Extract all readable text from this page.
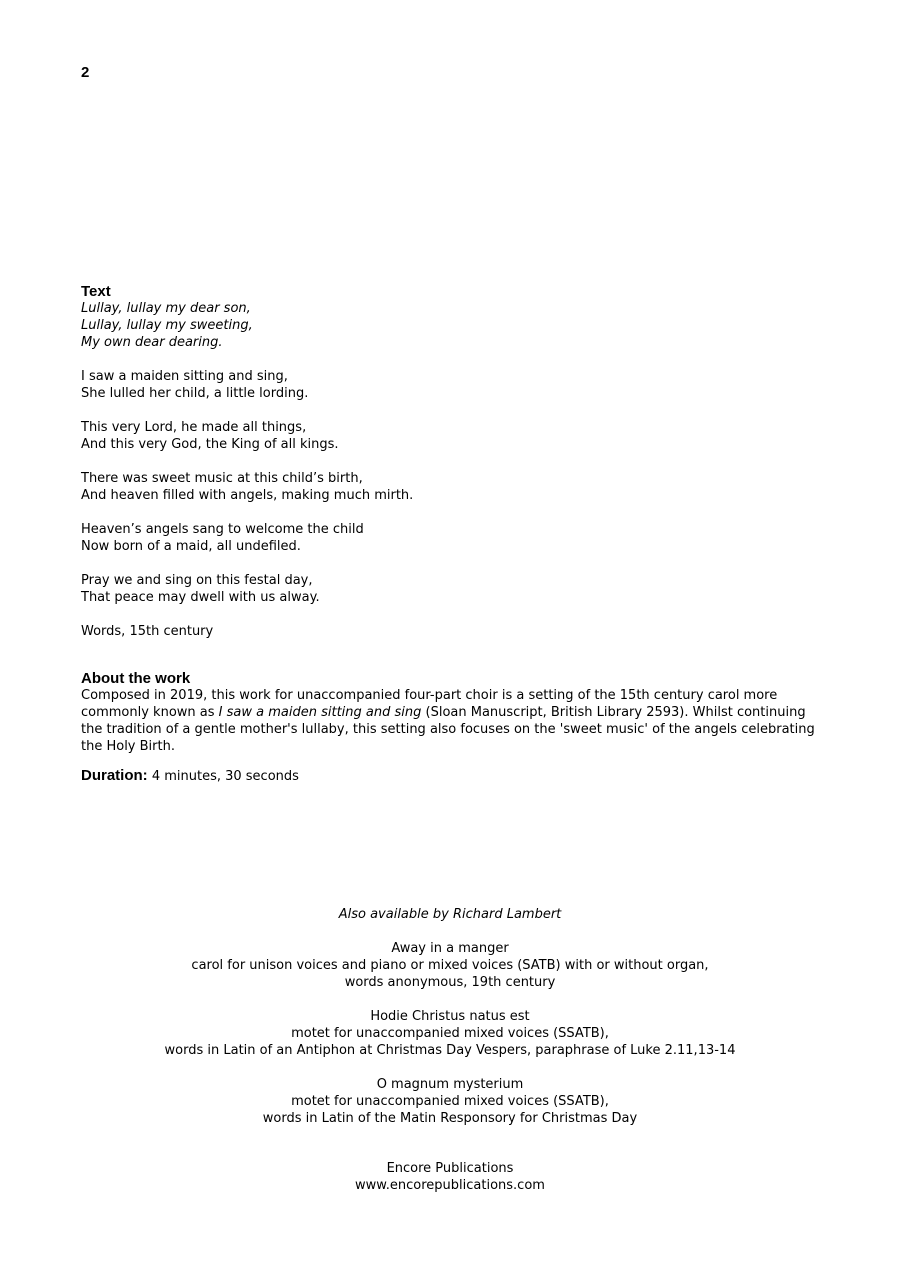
2
Text
Lullay, lullay my dear son,
Lullay, lullay my sweeting,
My own dear dearing.
I saw a maiden sitting and sing,
She lulled her child, a little lording.
This very Lord, he made all things,
And this very God, the King of all kings.
There was sweet music at this child’s birth,
And heaven filled with angels, making much mirth.
Heaven’s angels sang to welcome the child
Now born of a maid, all undefiled.
Pray we and sing on this festal day,
That peace may dwell with us alway.
Words, 15th century
About the work
Composed in 2019, this work for unaccompanied four-part choir is a setting of the 15th century carol more commonly known as I saw a maiden sitting and sing (Sloan Manuscript, British Library 2593). Whilst continuing the tradition of a gentle mother's lullaby, this setting also focuses on the 'sweet music' of the angels celebrating the Holy Birth.
Duration: 4 minutes, 30 seconds
Also available by Richard Lambert
Away in a manger
carol for unison voices and piano or mixed voices (SATB) with or without organ,
words anonymous, 19th century
Hodie Christus natus est
motet for unaccompanied mixed voices (SSATB),
words in Latin of an Antiphon at Christmas Day Vespers, paraphrase of Luke 2.11,13-14
O magnum mysterium
motet for unaccompanied mixed voices (SSATB),
words in Latin of the Matin Responsory for Christmas Day
Encore Publications
www.encorepublications.com
